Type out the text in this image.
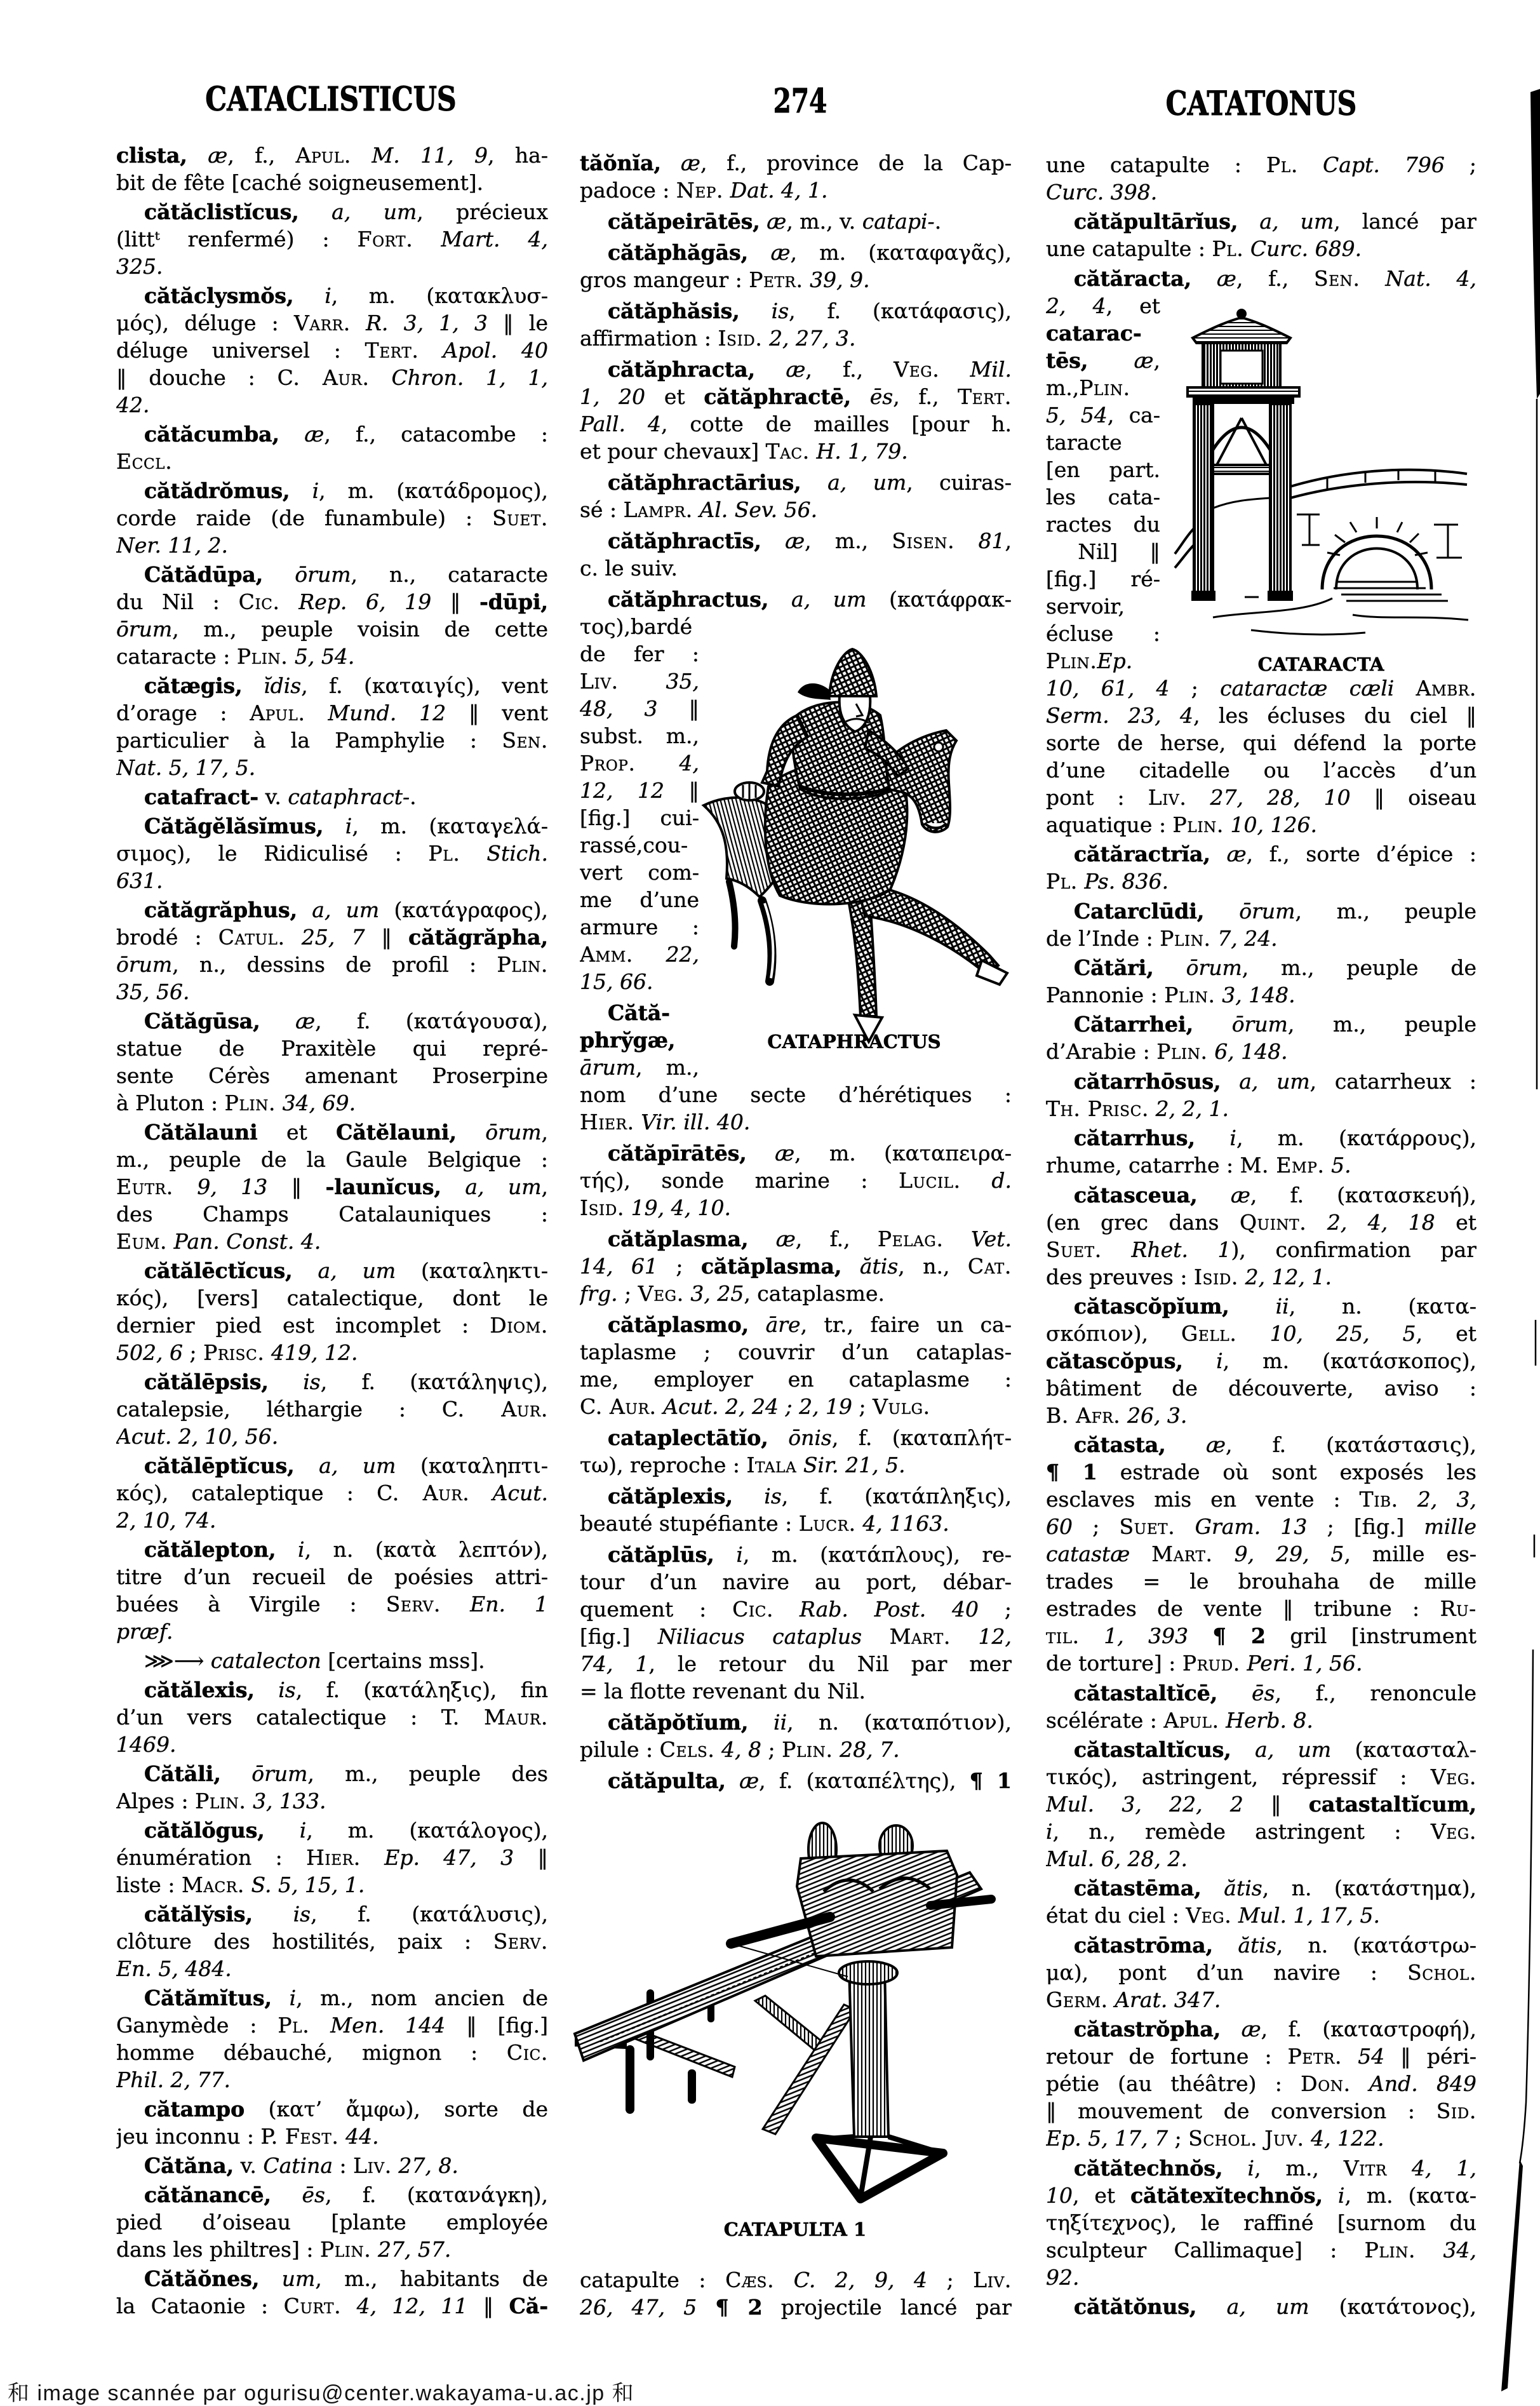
CATACLISTICUS	274	CATATONUS
clista, æ, f., Apul. M. 11, 9, ha-
bit de fête [caché soigneusement].
cătăclistĭcus, a, um, précieux
(littᵗ renfermé) : Fort. Mart. 4,
325.
cătăclysmŏs, i, m. (κατακλυσ-
μός), déluge : Varr. R. 3, 1, 3 ‖ le
déluge universel : Tert. Apol. 40
‖ douche : C. Aur. Chron. 1, 1,
42.
cătăcumba, æ, f., catacombe :
Eccl.
cătădrŏmus, i, m. (κατάδρομος),
corde raide (de funambule) : Suet.
Ner. 11, 2.
Cătădūpa, ōrum, n., cataracte
du Nil : Cic. Rep. 6, 19 ‖ -dūpi,
ōrum, m., peuple voisin de cette
cataracte : Plin. 5, 54.
cătægis, ĭdis, f. (καταιγίς), vent
d’orage : Apul. Mund. 12 ‖ vent
particulier à la Pamphylie : Sen.
Nat. 5, 17, 5.
catafract- v. cataphract-.
Cătăgĕlăsĭmus, i, m. (καταγελά-
σιμος), le Ridiculisé : Pl. Stich.
631.
cătăgrăphus, a, um (κατάγραφος),
brodé : Catul. 25, 7 ‖ cătăgrăpha,
ōrum, n., dessins de profil : Plin.
35, 56.
Cătăgūsa, æ, f. (κατάγουσα),
statue de Praxitèle qui repré-
sente Cérès amenant Proserpine
à Pluton : Plin. 34, 69.
Cătălauni et Cătĕlauni, ōrum,
m., peuple de la Gaule Belgique :
Eutr. 9, 13 ‖ -launĭcus, a, um,
des Champs Catalauniques :
Eum. Pan. Const. 4.
cătălēctĭcus, a, um (καταληκτι-
κός), [vers] catalectique, dont le
dernier pied est incomplet : Diom.
502, 6 ; Prisc. 419, 12.
cătălēpsis, is, f. (κατάληψις),
catalepsie, léthargie : C. Aur.
Acut. 2, 10, 56.
cătălēptĭcus, a, um (καταληπτι-
κός), cataleptique : C. Aur. Acut.
2, 10, 74.
cătălepton, i, n. (κατὰ λεπτόν),
titre d’un recueil de poésies attri-
buées à Virgile : Serv. En. 1
præf.
⋙⟶ catalecton [certains mss].
cătălexis, is, f. (κατάληξις), fin
d’un vers catalectique : T. Maur.
1469.
Cătăli, ōrum, m., peuple des
Alpes : Plin. 3, 133.
cătălŏgus, i, m. (κατάλογος),
énumération : Hier. Ep. 47, 3 ‖
liste : Macr. S. 5, 15, 1.
cătăly̆sis, is, f. (κατάλυσις),
clôture des hostilités, paix : Serv.
En. 5, 484.
Cătămĭtus, i, m., nom ancien de
Ganymède : Pl. Men. 144 ‖ [fig.]
homme débauché, mignon : Cic.
Phil. 2, 77.
cătampo (κατ’ ἄμφω), sorte de
jeu inconnu : P. Fest. 44.
Cătăna, v. Catina : Liv. 27, 8.
cătănancē, ēs, f. (κατανάγκη),
pied d’oiseau [plante employée
dans les philtres] : Plin. 27, 57.
Cătăŏnes, um, m., habitants de
la Cataonie : Curt. 4, 12, 11 ‖ Că-
tăŏnĭa, æ, f., province de la Cap-
padoce : Nep. Dat. 4, 1.
cătăpeirātēs, æ, m., v. catapi-.
cătăphăgās, æ, m. (καταφαγᾶς),
gros mangeur : Petr. 39, 9.
cătăphăsis, is, f. (κατάφασις),
affirmation : Isid. 2, 27, 3.
cătăphracta, æ, f., Veg. Mil.
1, 20 et cătăphractē, ēs, f., Tert.
Pall. 4, cotte de mailles [pour h.
et pour chevaux] Tac. H. 1, 79.
cătăphractārius, a, um, cuiras-
sé : Lampr. Al. Sev. 56.
cătăphractīs, æ, m., Sisen. 81,
c. le suiv.
cătăphractus, a, um (κατάφρακ-
τος),bardé
de fer :
Liv. 35,
48, 3 ‖
subst. m.,
Prop. 4,
12, 12 ‖
[fig.] cui-
rassé,cou-
vert com-
me d’une
armure :
Amm. 22,
15, 66.
Cătă-
phry̆gæ,
ārum, m.,
nom d’une secte d’hérétiques :
Hier. Vir. ill. 40.
cătăpīrātēs, æ, m. (καταπειρα-
τής), sonde marine : Lucil. d.
Isid. 19, 4, 10.
cătăplasma, æ, f., Pelag. Vet.
14, 61 ; cătăplasma, ătis, n., Cat.
frg. ; Veg. 3, 25, cataplasme.
cătăplasmo, āre, tr., faire un ca-
taplasme ; couvrir d’un cataplas-
me, employer en cataplasme :
C. Aur. Acut. 2, 24 ; 2, 19 ; Vulg.
cataplectātĭo, ōnis, f. (καταπλήτ-
τω), reproche : Itala Sir. 21, 5.
cătăplexis, is, f. (κατάπληξις),
beauté stupéfiante : Lucr. 4, 1163.
cătăplūs, i, m. (κατάπλους), re-
tour d’un navire au port, débar-
quement : Cic. Rab. Post. 40 ;
[fig.] Niliacus cataplus Mart. 12,
74, 1, le retour du Nil par mer
= la flotte revenant du Nil.
cătăpŏtĭum, ii, n. (καταπότιον),
pilule : Cels. 4, 8 ; Plin. 28, 7.
cătăpulta, æ, f. (καταπέλτης), ¶ 1
catapulte : Cæs. C. 2, 9, 4 ; Liv.
26, 47, 5 ¶ 2 projectile lancé par
une catapulte : Pl. Capt. 796 ;
Curc. 398.
cătăpultārĭus, a, um, lancé par
une catapulte : Pl. Curc. 689.
cătăracta, æ, f., Sen. Nat. 4,
2, 4, et
catarac-
tēs, æ,
m.,Plin.
5, 54, ca-
taracte
[en part.
les cata-
ractes du
Nil] ‖
[fig.] ré-
servoir,
écluse :
Plin.Ep.
10, 61, 4 ; cataractæ cæli Ambr.
Serm. 23, 4, les écluses du ciel ‖
sorte de herse, qui défend la porte
d’une citadelle ou l’accès d’un
pont : Liv. 27, 28, 10 ‖ oiseau
aquatique : Plin. 10, 126.
cătăractrĭa, æ, f., sorte d’épice :
Pl. Ps. 836.
Catarclūdi, ōrum, m., peuple
de l’Inde : Plin. 7, 24.
Cătări, ōrum, m., peuple de
Pannonie : Plin. 3, 148.
Cătarrhei, ōrum, m., peuple
d’Arabie : Plin. 6, 148.
cătarrhōsus, a, um, catarrheux :
Th. Prisc. 2, 2, 1.
cătarrhus, i, m. (κατάρρους),
rhume, catarrhe : M. Emp. 5.
cătasceua, æ, f. (κατασκευή),
(en grec dans Quint. 2, 4, 18 et
Suet. Rhet. 1), confirmation par
des preuves : Isid. 2, 12, 1.
cătascŏpĭum, ii, n. (κατα-
σκόπιον), Gell. 10, 25, 5, et
cătascŏpus, i, m. (κατάσκοπος),
bâtiment de découverte, aviso :
B. Afr. 26, 3.
cătasta, æ, f. (κατάστασις),
¶ 1 estrade où sont exposés les
esclaves mis en vente : Tib. 2, 3,
60 ; Suet. Gram. 13 ; [fig.] mille
catastæ Mart. 9, 29, 5, mille es-
trades = le brouhaha de mille
estrades de vente ‖ tribune : Ru-
til. 1, 393 ¶ 2 gril [instrument
de torture] : Prud. Peri. 1, 56.
cătastaltĭcē, ēs, f., renoncule
scélérate : Apul. Herb. 8.
cătastaltĭcus, a, um (κατασταλ-
τικός), astringent, répressif : Veg.
Mul. 3, 22, 2 ‖ catastaltĭcum,
i, n., remède astringent : Veg.
Mul. 6, 28, 2.
cătastēma, ătis, n. (κατάστημα),
état du ciel : Veg. Mul. 1, 17, 5.
cătastrōma, ătis, n. (κατάστρω-
μα), pont d’un navire : Schol.
Germ. Arat. 347.
cătastrŏpha, æ, f. (καταστροφή),
retour de fortune : Petr. 54 ‖ péri-
pétie (au théâtre) : Don. And. 849
‖ mouvement de conversion : Sid.
Ep. 5, 17, 7 ; Schol. Juv. 4, 122.
cătătechnŏs, i, m., Vitr 4, 1,
10, et cătătexĭtechnŏs, i, m. (κατα-
τηξίτεχνος), le raffiné [surnom du
sculpteur Callimaque] : Plin. 34,
92.
cătătŏnus, a, um (κατάτονος),
CATAPHRACTUS
CATARACTA
CATAPULTA 1
和 image scannée par ogurisu@center.wakayama-u.ac.jp 和
